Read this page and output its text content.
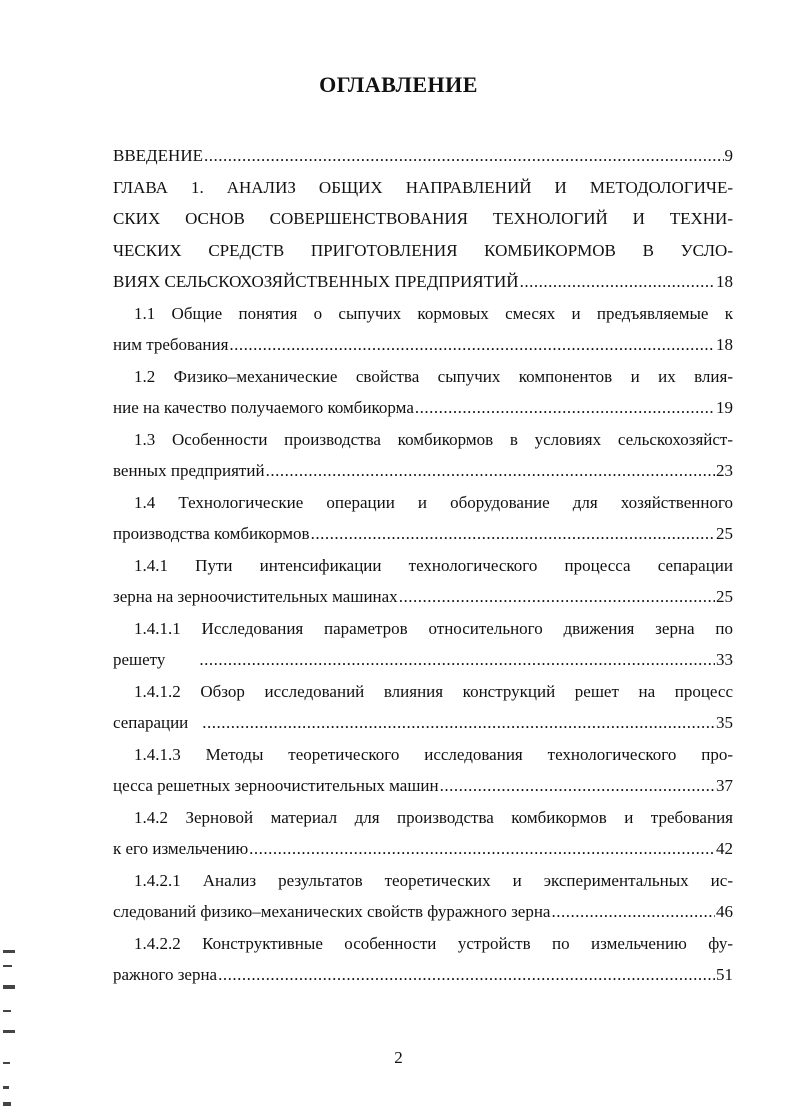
ОГЛАВЛЕНИЕ
ВВЕДЕНИЕ .....	9
ГЛАВА 1. АНАЛИЗ ОБЩИХ НАПРАВЛЕНИЙ И МЕТОДОЛОГИЧЕ-
СКИХ ОСНОВ СОВЕРШЕНСТВОВАНИЯ ТЕХНОЛОГИЙ И ТЕХНИ-
ЧЕСКИХ СРЕДСТВ ПРИГОТОВЛЕНИЯ КОМБИКОРМОВ В УСЛО-
ВИЯХ СЕЛЬСКОХОЗЯЙСТВЕННЫХ ПРЕДПРИЯТИЙ .....	18
1.1 Общие понятия о сыпучих кормовых смесях и предъявляемые к
ним требования .....	18
1.2 Физико–механические свойства сыпучих компонентов и их влия-
ние на качество получаемого комбикорма .....	19
1.3 Особенности производства комбикормов в условиях сельскохозяйст-
венных предприятий .....	23
1.4 Технологические операции и оборудование для хозяйственного
производства комбикормов .....	25
1.4.1 Пути интенсификации технологического процесса сепарации
зерна на зерноочистительных машинах .....	25
1.4.1.1 Исследования параметров относительного движения зерна по
решету .....	33
1.4.1.2 Обзор исследований влияния конструкций решет на процесс
сепарации .....	35
1.4.1.3 Методы теоретического исследования технологического про-
цесса решетных зерноочистительных машин .....	37
1.4.2 Зерновой материал для производства комбикормов и требования
к его измельчению .....	42
1.4.2.1 Анализ результатов теоретических и экспериментальных ис-
следований физико–механических свойств фуражного зерна .....	46
1.4.2.2 Конструктивные особенности устройств по измельчению фу-
ражного зерна .....	51
2
